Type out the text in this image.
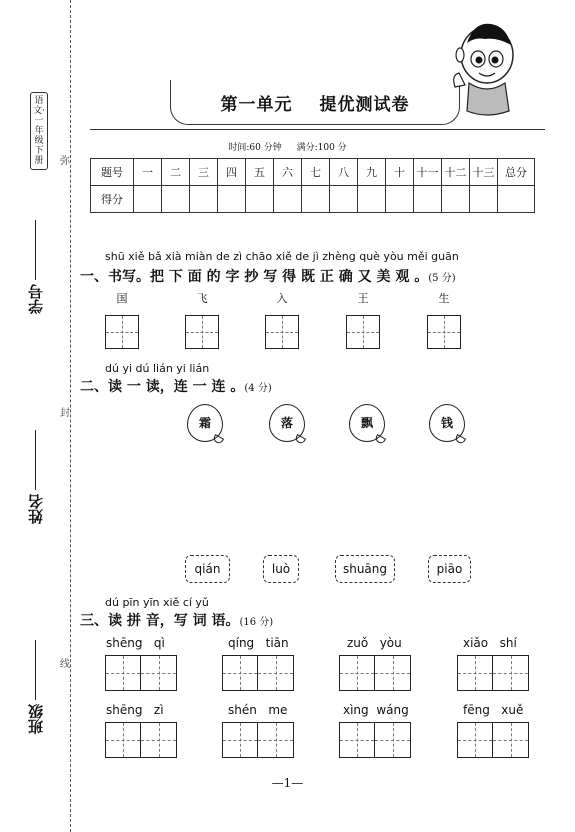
语文·一年级下册
学号
姓名
班级
弥
封
线
第一单元 提优测试卷
时间:60 分钟 满分:100 分
题号	一	二	三	四	五	六	七	八	九	十	十一	十二	十三	总分
得分														
shū xiě bǎ xià miàn de zì chāo xiě de jì zhèng què yòu měi guān
一、书写。把 下 面 的 字 抄 写 得 既 正 确 又 美 观 。(5 分)
国	飞	入	王	生
dú yi dú lián yi lián
二、读 一 读，连 一 连 。(4 分)
霜	落	飘	钱
qián	luò	shuāng	piāo
dú pīn yīn xiě cí yǔ
三、读 拼 音，写 词 语。(16 分)
shēng qì	qíng tiān	zuǒ yòu	xiǎo shí
shēng zì	shén me	xìng wáng	fēng xuě
—1—
